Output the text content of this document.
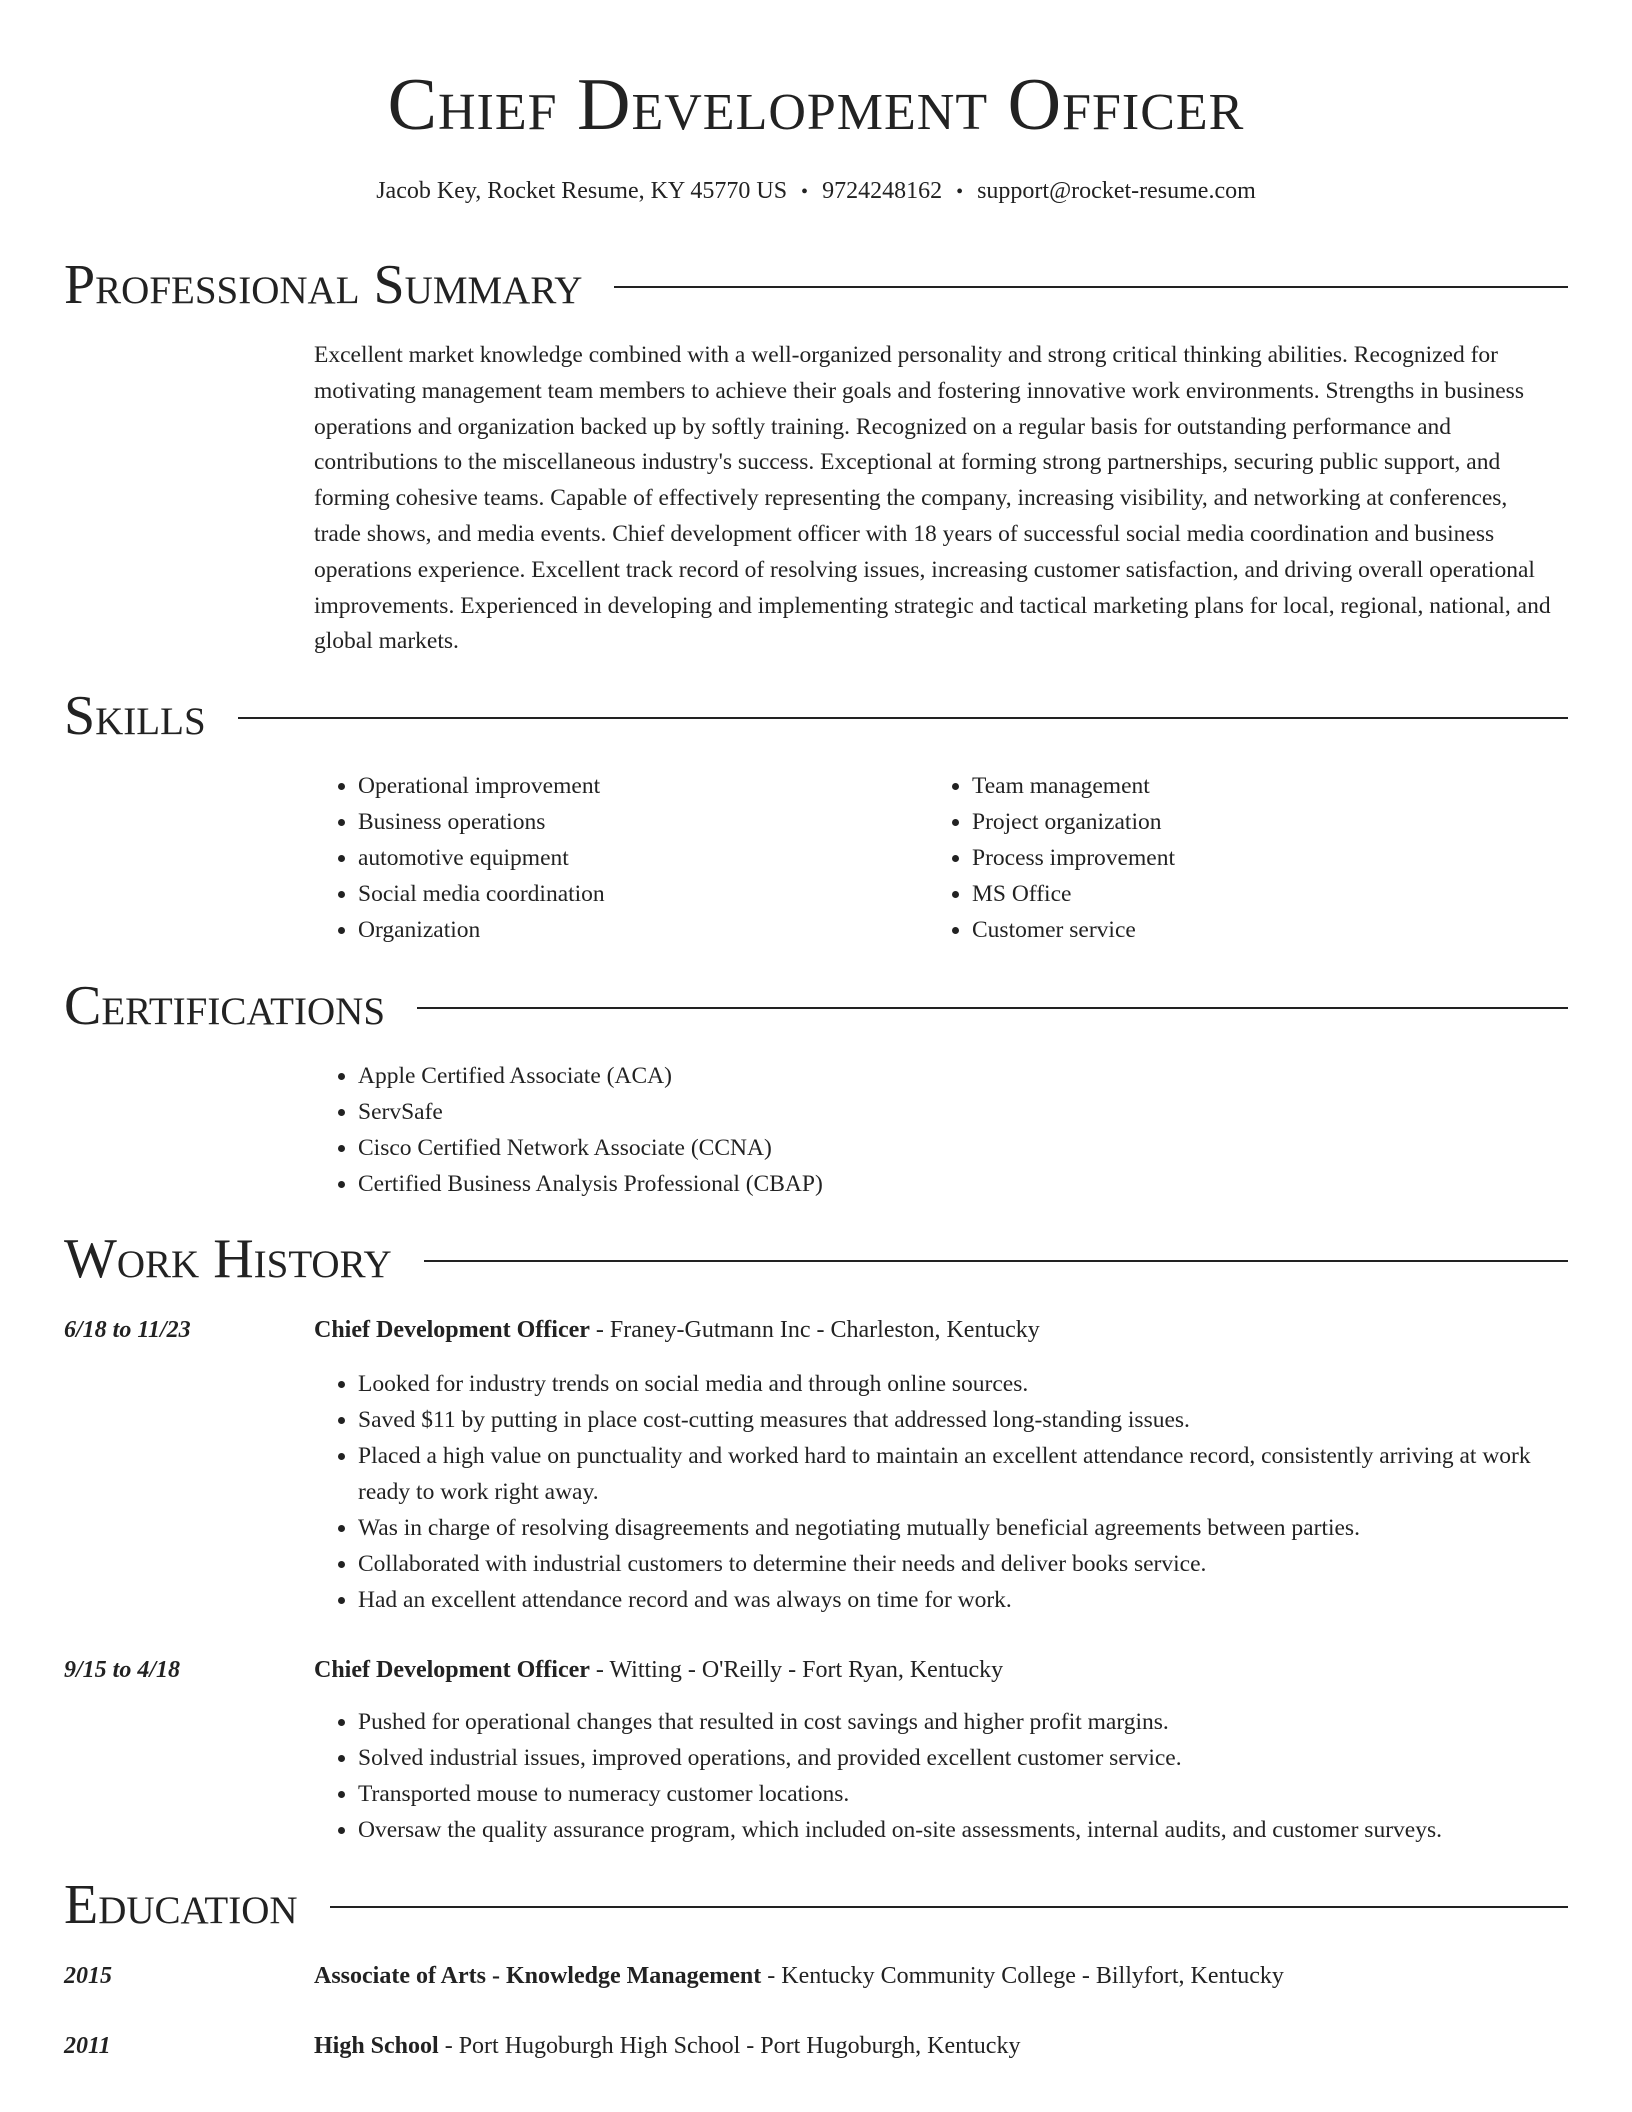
Chief Development Officer
Jacob Key, Rocket Resume, KY 45770 US • 9724248162 • support@rocket-resume.com
Professional Summary

Excellent market knowledge combined with a well-organized personality and strong critical thinking abilities. Recognized for motivating management team members to achieve their goals and fostering innovative work environments. Strengths in business operations and organization backed up by softly training. Recognized on a regular basis for outstanding performance and contributions to the miscellaneous industry's success. Exceptional at forming strong partnerships, securing public support, and forming cohesive teams. Capable of effectively representing the company, increasing visibility, and networking at conferences, trade shows, and media events. Chief development officer with 18 years of successful social media coordination and business operations experience. Excellent track record of resolving issues, increasing customer satisfaction, and driving overall operational improvements. Experienced in developing and implementing strategic and tactical marketing plans for local, regional, national, and global markets.

Skills
• Operational improvement
• Business operations
• automotive equipment
• Social media coordination
• Organization
• Team management
• Project organization
• Process improvement
• MS Office
• Customer service
Certifications
• Apple Certified Associate (ACA)
• ServSafe
• Cisco Certified Network Associate (CCNA)
• Certified Business Analysis Professional (CBAP)
Work History
6/18 to 11/23	Chief Development Officer - Franey-Gutmann Inc - Charleston, Kentucky
• Looked for industry trends on social media and through online sources.
• Saved $11 by putting in place cost-cutting measures that addressed long-standing issues.
• Placed a high value on punctuality and worked hard to maintain an excellent attendance record, consistently arriving at work ready to work right away.
• Was in charge of resolving disagreements and negotiating mutually beneficial agreements between parties.
• Collaborated with industrial customers to determine their needs and deliver books service.
• Had an excellent attendance record and was always on time for work.
9/15 to 4/18	Chief Development Officer - Witting - O'Reilly - Fort Ryan, Kentucky
• Pushed for operational changes that resulted in cost savings and higher profit margins.
• Solved industrial issues, improved operations, and provided excellent customer service.
• Transported mouse to numeracy customer locations.
• Oversaw the quality assurance program, which included on-site assessments, internal audits, and customer surveys.
Education
2015	Associate of Arts - Knowledge Management - Kentucky Community College - Billyfort, Kentucky
2011	High School - Port Hugoburgh High School - Port Hugoburgh, Kentucky
